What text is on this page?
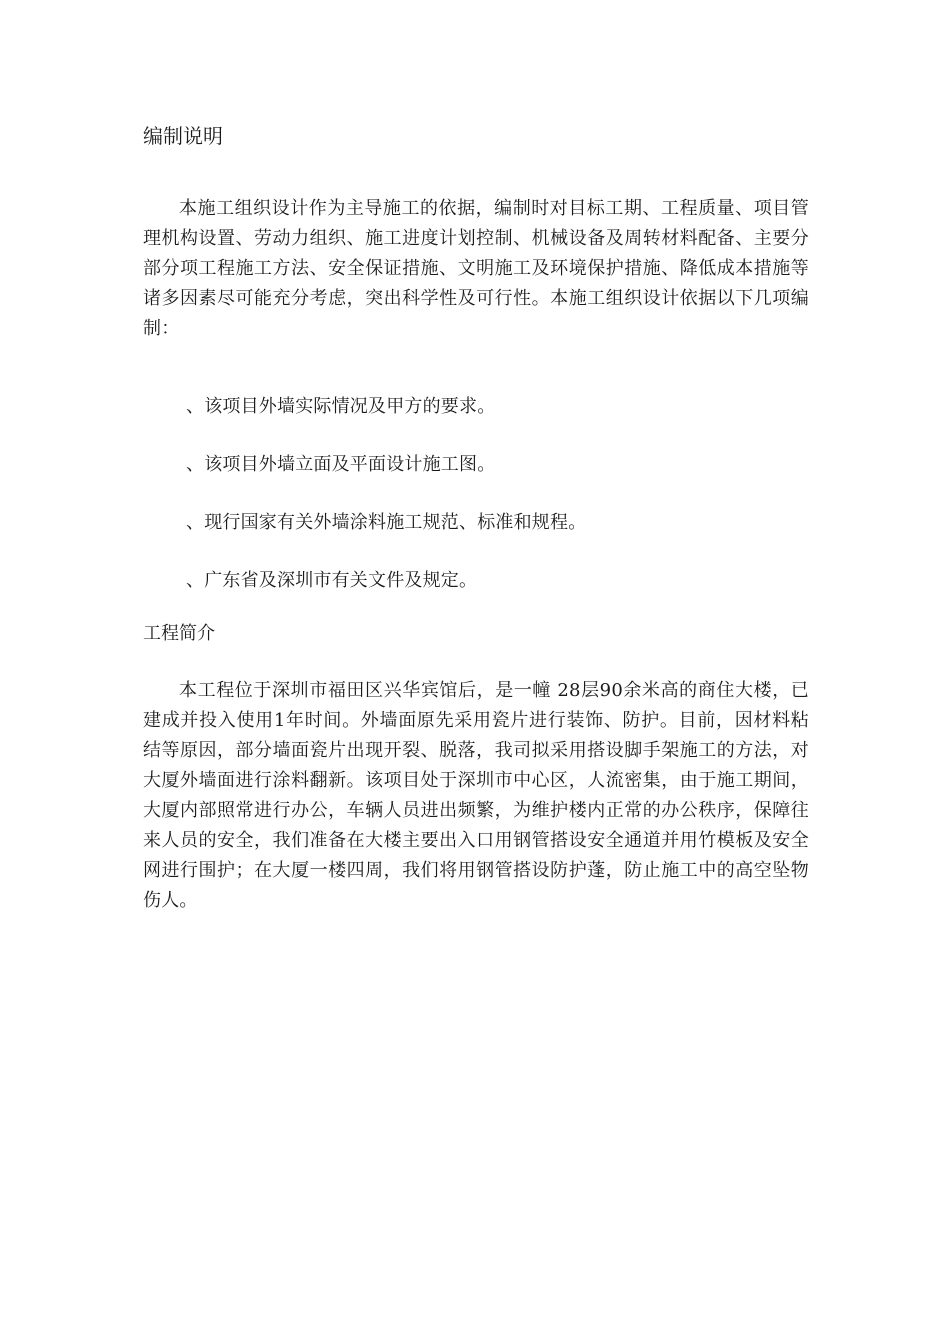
编制说明

本施工组织设计作为主导施工的依据，编制时对目标工期、工程质量、项目管理机构设置、劳动力组织、施工进度计划控制、机械设备及周转材料配备、主要分部分项工程施工方法、安全保证措施、文明施工及环境保护措施、降低成本措施等诸多因素尽可能充分考虑，突出科学性及可行性。本施工组织设计依据以下几项编制：

、该项目外墙实际情况及甲方的要求。

、该项目外墙立面及平面设计施工图。

、现行国家有关外墙涂料施工规范、标准和规程。

、广东省及深圳市有关文件及规定。

工程简介

本工程位于深圳市福田区兴华宾馆后，是一幢 28层90余米高的商住大楼，已建成并投入使用1年时间。外墙面原先采用瓷片进行装饰、防护。目前，因材料粘结等原因，部分墙面瓷片出现开裂、脱落，我司拟采用搭设脚手架施工的方法，对大厦外墙面进行涂料翻新。该项目处于深圳市中心区，人流密集，由于施工期间，大厦内部照常进行办公，车辆人员进出频繁，为维护楼内正常的办公秩序，保障往来人员的安全，我们准备在大楼主要出入口用钢管搭设安全通道并用竹模板及安全网进行围护；在大厦一楼四周，我们将用钢管搭设防护蓬，防止施工中的高空坠物伤人。
